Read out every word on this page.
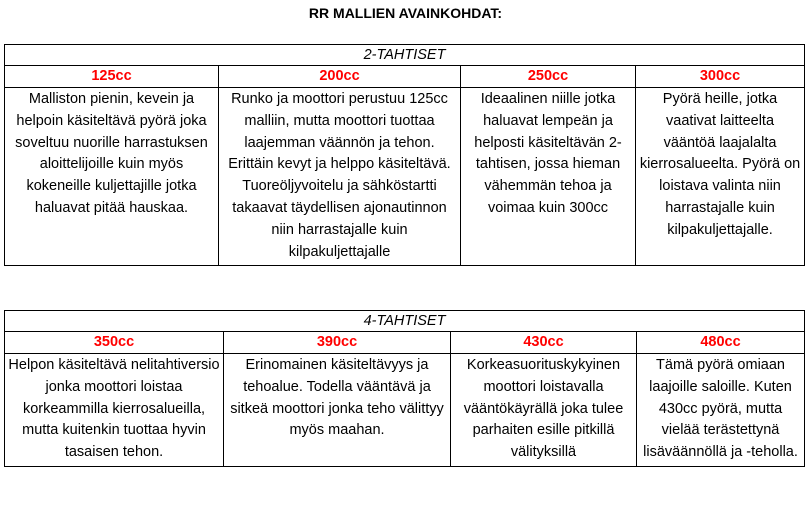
RR MALLIEN AVAINKOHDAT:
2-TAHTISET			
125cc	200cc	250cc	300cc
Malliston pienin, kevein ja helpoin käsiteltävä pyörä joka soveltuu nuorille harrastuksen aloittelijoille kuin myös kokeneille kuljettajille jotka haluavat pitää hauskaa.	Runko ja moottori perustuu 125cc malliin, mutta moottori tuottaa laajemman väännön ja tehon. Erittäin kevyt ja helppo käsiteltävä. Tuoreöljyvoitelu ja sähköstartti takaavat täydellisen ajonautinnon niin harrastajalle kuin kilpakuljettajalle	Ideaalinen niille jotka haluavat lempeän ja helposti käsiteltävän 2-tahtisen, jossa hieman vähemmän tehoa ja voimaa kuin 300cc	Pyörä heille, jotka vaativat laitteelta vääntöä laajalalta kierrosalueelta. Pyörä on loistava valinta niin harrastajalle kuin kilpakuljettajalle.
4-TAHTISET			
350cc	390cc	430cc	480cc
Helpon käsiteltävä nelitahtiversio jonka moottori loistaa korkeammilla kierrosalueilla, mutta kuitenkin tuottaa hyvin tasaisen tehon.	Erinomainen käsiteltävyys ja tehoalue. Todella vääntävä ja sitkeä moottori jonka teho välittyy myös maahan.	Korkeasuorituskykyinen moottori loistavalla vääntökäyrällä joka tulee parhaiten esille pitkillä välityksillä	Tämä pyörä omiaan laajoille saloille. Kuten 430cc pyörä, mutta vielää terästettynä lisäväännöllä ja -teholla.
